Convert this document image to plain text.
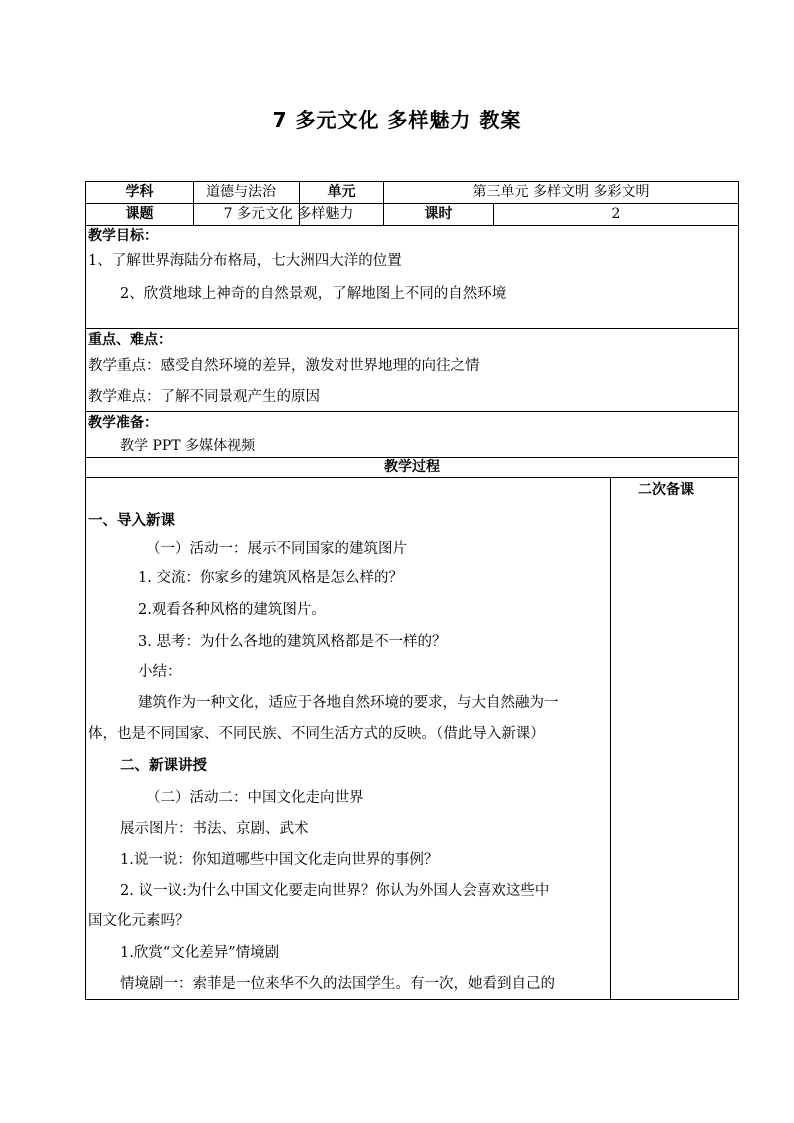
7 多元文化 多样魅力 教案
学科	道德与法治	单元	第三单元 多样文明 多彩文明
课题	7 多元文化 多样魅力	课时	2
教学目标：
1、了解世界海陆分布格局，七大洲四大洋的位置
2、欣赏地球上神奇的自然景观，了解地图上不同的自然环境
重点、难点：
教学重点：感受自然环境的差异，激发对世界地理的向往之情
教学难点：了解不同景观产生的原因
教学准备：
教学 PPT 多媒体视频
教学过程
二次备课
一、导入新课
（一）活动一：展示不同国家的建筑图片
1. 交流：你家乡的建筑风格是怎么样的？
2.观看各种风格的建筑图片。
3. 思考：为什么各地的建筑风格都是不一样的？
小结：
建筑作为一种文化，适应于各地自然环境的要求，与大自然融为一
体，也是不同国家、不同民族、不同生活方式的反映。（借此导入新课）
二、新课讲授
（二）活动二：中国文化走向世界
展示图片：书法、京剧、武术
1.说一说：你知道哪些中国文化走向世界的事例？
2. 议一议:为什么中国文化要走向世界？你认为外国人会喜欢这些中
国文化元素吗？
1.欣赏“文化差异”情境剧
情境剧一：索菲是一位来华不久的法国学生。有一次，她看到自己的
